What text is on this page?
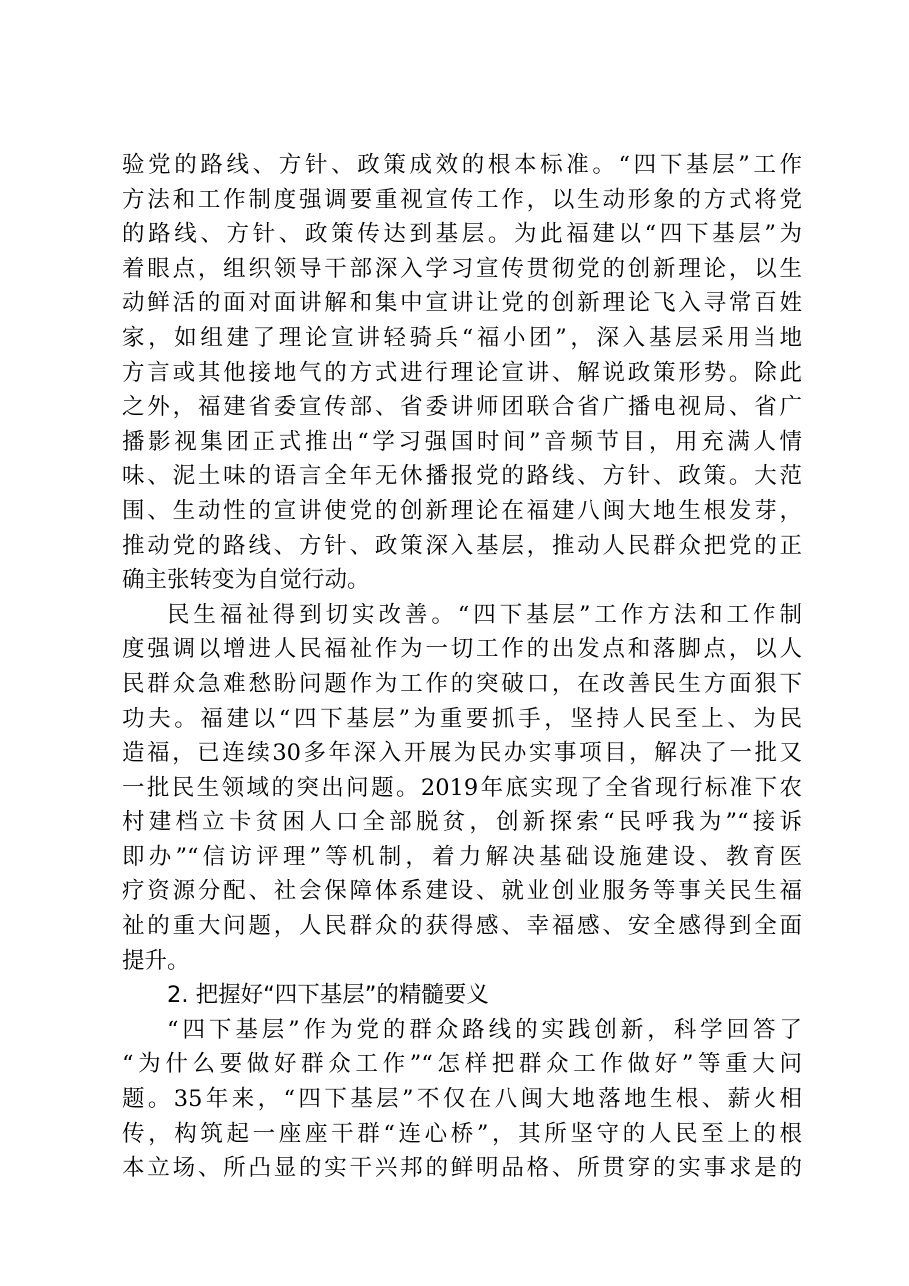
验党的路线、方针、政策成效的根本标准。“四下基层”工作
方法和工作制度强调要重视宣传工作，以生动形象的方式将党
的路线、方针、政策传达到基层。为此福建以“四下基层”为
着眼点，组织领导干部深入学习宣传贯彻党的创新理论，以生
动鲜活的面对面讲解和集中宣讲让党的创新理论飞入寻常百姓
家，如组建了理论宣讲轻骑兵“福小团”，深入基层采用当地
方言或其他接地气的方式进行理论宣讲、解说政策形势。除此
之外，福建省委宣传部、省委讲师团联合省广播电视局、省广
播影视集团正式推出“学习强国时间”音频节目，用充满人情
味、泥土味的语言全年无休播报党的路线、方针、政策。大范
围、生动性的宣讲使党的创新理论在福建八闽大地生根发芽，
推动党的路线、方针、政策深入基层，推动人民群众把党的正
确主张转变为自觉行动。
民生福祉得到切实改善。“四下基层”工作方法和工作制
度强调以增进人民福祉作为一切工作的出发点和落脚点，以人
民群众急难愁盼问题作为工作的突破口，在改善民生方面狠下
功夫。福建以“四下基层”为重要抓手，坚持人民至上、为民
造福，已连续30多年深入开展为民办实事项目，解决了一批又
一批民生领域的突出问题。2019年底实现了全省现行标准下农
村建档立卡贫困人口全部脱贫，创新探索“民呼我为”“接诉
即办”“信访评理”等机制，着力解决基础设施建设、教育医
疗资源分配、社会保障体系建设、就业创业服务等事关民生福
祉的重大问题，人民群众的获得感、幸福感、安全感得到全面
提升。
2. 把握好“四下基层”的精髓要义
“四下基层”作为党的群众路线的实践创新，科学回答了
“为什么要做好群众工作”“怎样把群众工作做好”等重大问
题。35年来，“四下基层”不仅在八闽大地落地生根、薪火相
传，构筑起一座座干群“连心桥”，其所坚守的人民至上的根
本立场、所凸显的实干兴邦的鲜明品格、所贯穿的实事求是的
